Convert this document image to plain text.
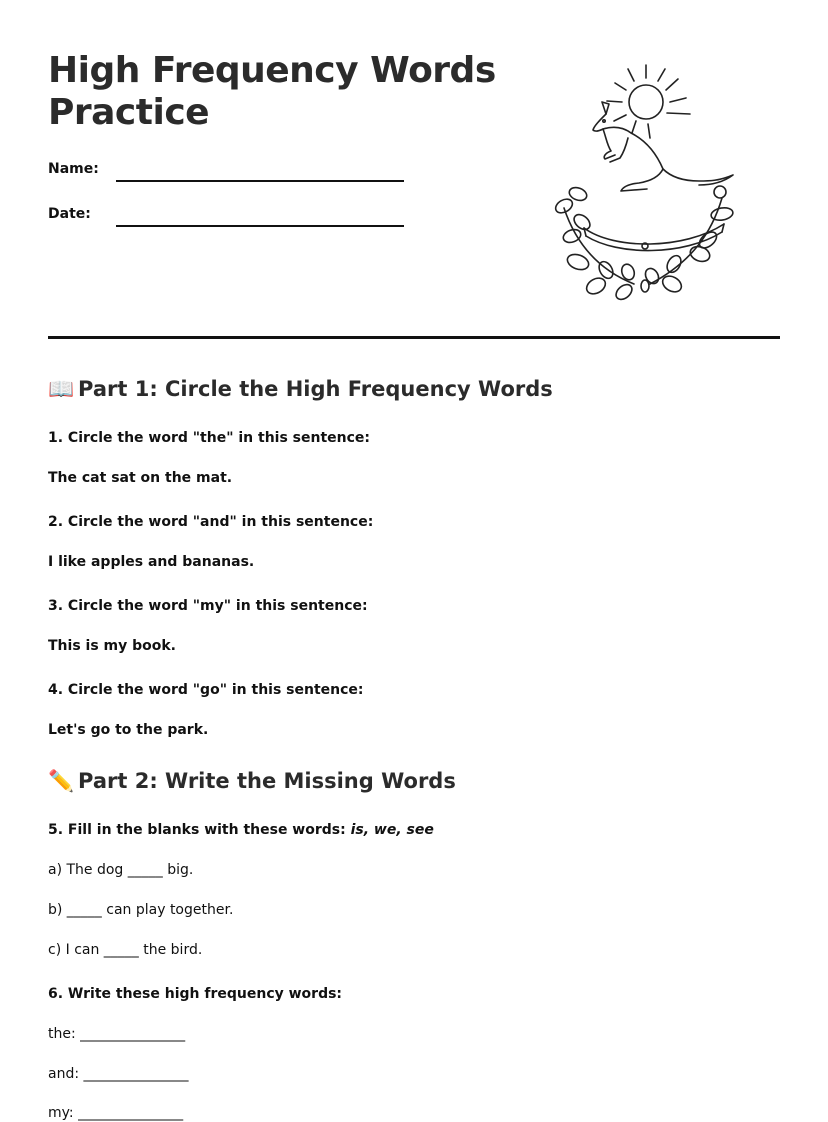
High Frequency Words Practice
Name:
Date:
📖 Part 1: Circle the High Frequency Words
1. Circle the word "the" in this sentence:
The cat sat on the mat.
2. Circle the word "and" in this sentence:
I like apples and bananas.
3. Circle the word "my" in this sentence:
This is my book.
4. Circle the word "go" in this sentence:
Let's go to the park.
✏️ Part 2: Write the Missing Words
5. Fill in the blanks with these words: is, we, see
a) The dog _____ big.
b) _____ can play together.
c) I can _____ the bird.
6. Write these high frequency words:
the: _______________
and: _______________
my: _______________
